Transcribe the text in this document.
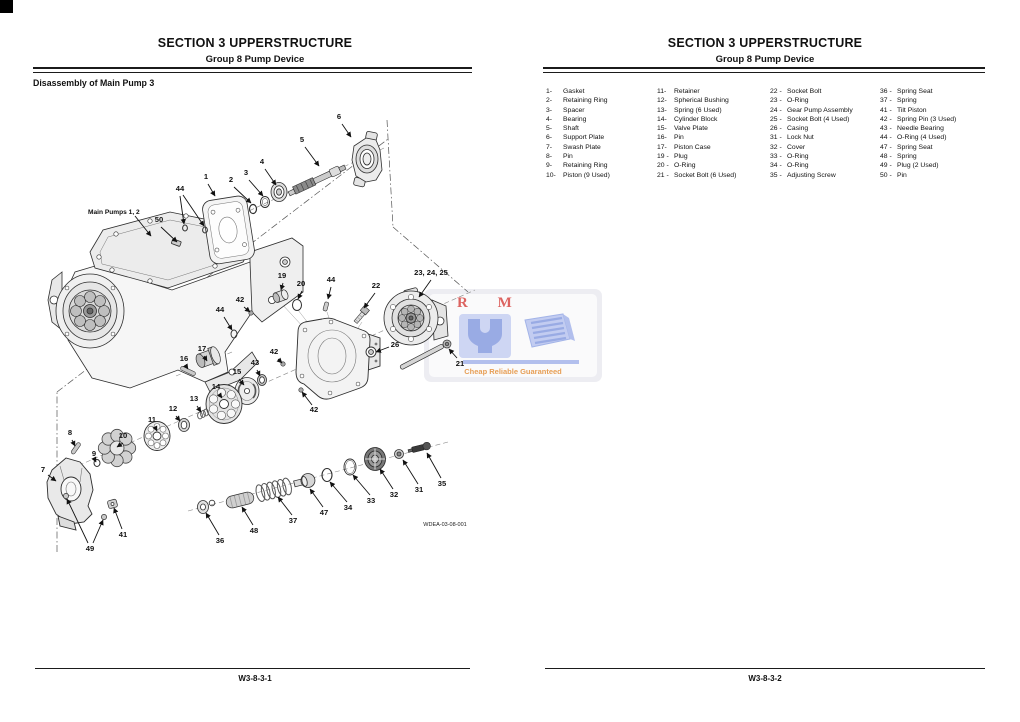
SECTION 3 UPPERSTRUCTURE
Group 8 Pump Device
Disassembly of Main Pump 3
W3-8-3-1
R M
Cheap Reliable Guaranteed
Main Pumps 1, 2
50
44
1	2
3
4
5
6
19
20	44
22
23, 24, 25
26
21
42
44
42
42
17
16	43
15
14
13
12
11
10
9
8
7
49
41
36
48
37
47
34
33
32
31
35
WDEA-03-08-001
SECTION 3 UPPERSTRUCTURE
Group 8 Pump Device
1-	Gasket
2-	Retaining Ring
3-	Spacer
4-	Bearing
5-	Shaft
6-	Support Plate
7-	Swash Plate
8-	Pin
9-	Retaining Ring
10-	Piston (9 Used)
11-	Retainer
12-	Spherical Bushing
13-	Spring (6 Used)
14-	Cylinder Block
15-	Valve Plate
16-	Pin
17-	Piston Case
19 - Plug
20 - O-Ring
21 - Socket Bolt (6 Used)
22 - Socket Bolt
23 - O-Ring
24 - Gear Pump Assembly
25 - Socket Bolt (4 Used)
26 - Casing
31 - Lock Nut
32 - Cover
33 - O-Ring
34 - O-Ring
35 - Adjusting Screw
36 - Spring Seat
37 - Spring
41 - Tilt Piston
42 - Spring Pin (3 Used)
43 - Needle Bearing
44 - O-Ring (4 Used)
47 - Spring Seat
48 - Spring
49 - Plug (2 Used)
50 - Pin
W3-8-3-2
